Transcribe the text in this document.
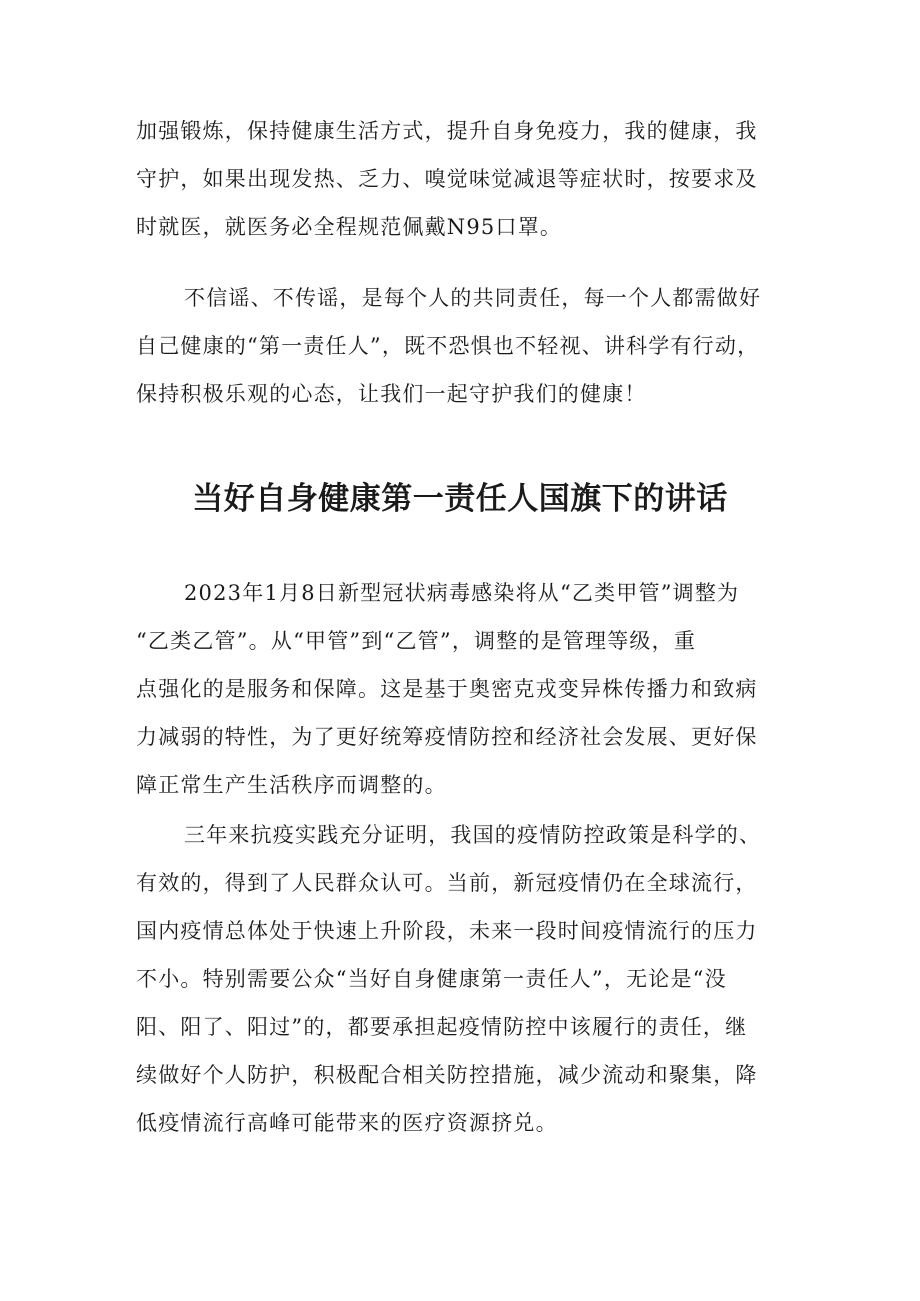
加强锻炼，保持健康生活方式，提升自身免疫力，我的健康，我
守护，如果出现发热、乏力、嗅觉味觉减退等症状时，按要求及
时就医，就医务必全程规范佩戴N95口罩。
不信谣、不传谣，是每个人的共同责任，每一个人都需做好
自己健康的“第一责任人”，既不恐惧也不轻视、讲科学有行动，
保持积极乐观的心态，让我们一起守护我们的健康！
当好自身健康第一责任人国旗下的讲话
2023年1月8日新型冠状病毒感染将从“乙类甲管”调整为
“乙类乙管”。从“甲管”到“乙管”，调整的是管理等级，重
点强化的是服务和保障。这是基于奥密克戎变异株传播力和致病
力减弱的特性，为了更好统筹疫情防控和经济社会发展、更好保
障正常生产生活秩序而调整的。
三年来抗疫实践充分证明，我国的疫情防控政策是科学的、
有效的，得到了人民群众认可。当前，新冠疫情仍在全球流行，
国内疫情总体处于快速上升阶段，未来一段时间疫情流行的压力
不小。特别需要公众“当好自身健康第一责任人”，无论是“没
阳、阳了、阳过”的，都要承担起疫情防控中该履行的责任，继
续做好个人防护，积极配合相关防控措施，减少流动和聚集，降
低疫情流行高峰可能带来的医疗资源挤兑。
